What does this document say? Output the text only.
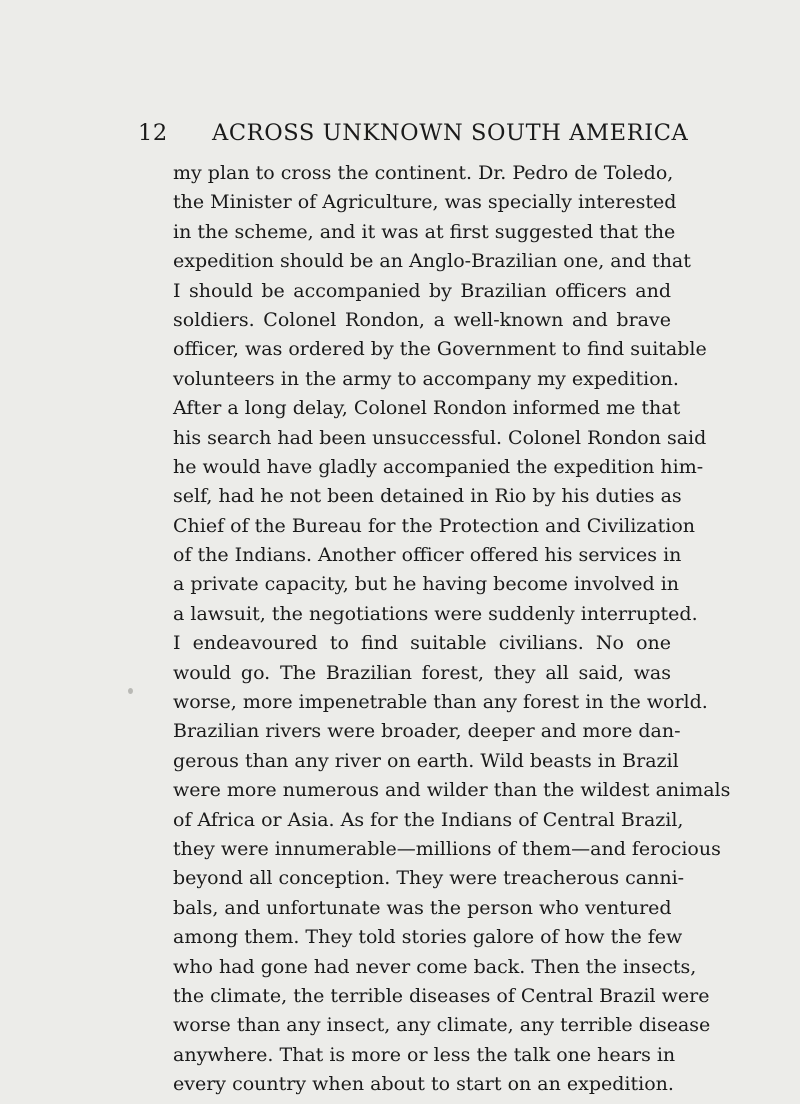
12 ACROSS UNKNOWN SOUTH AMERICA
my plan to cross the continent. Dr. Pedro de Toledo,
the Minister of Agriculture, was specially interested
in the scheme, and it was at first suggested that the
expedition should be an Anglo-Brazilian one, and that
I should be accompanied by Brazilian officers and
soldiers. Colonel Rondon, a well-known and brave
officer, was ordered by the Government to find suitable
volunteers in the army to accompany my expedition.
After a long delay, Colonel Rondon informed me that
his search had been unsuccessful. Colonel Rondon said
he would have gladly accompanied the expedition him-
self, had he not been detained in Rio by his duties as
Chief of the Bureau for the Protection and Civilization
of the Indians. Another officer offered his services in
a private capacity, but he having become involved in
a lawsuit, the negotiations were suddenly interrupted.
I endeavoured to find suitable civilians. No one
would go. The Brazilian forest, they all said, was
worse, more impenetrable than any forest in the world.
Brazilian rivers were broader, deeper and more dan-
gerous than any river on earth. Wild beasts in Brazil
were more numerous and wilder than the wildest animals
of Africa or Asia. As for the Indians of Central Brazil,
they were innumerable—millions of them—and ferocious
beyond all conception. They were treacherous canni-
bals, and unfortunate was the person who ventured
among them. They told stories galore of how the few
who had gone had never come back. Then the insects,
the climate, the terrible diseases of Central Brazil were
worse than any insect, any climate, any terrible disease
anywhere. That is more or less the talk one hears in
every country when about to start on an expedition.
